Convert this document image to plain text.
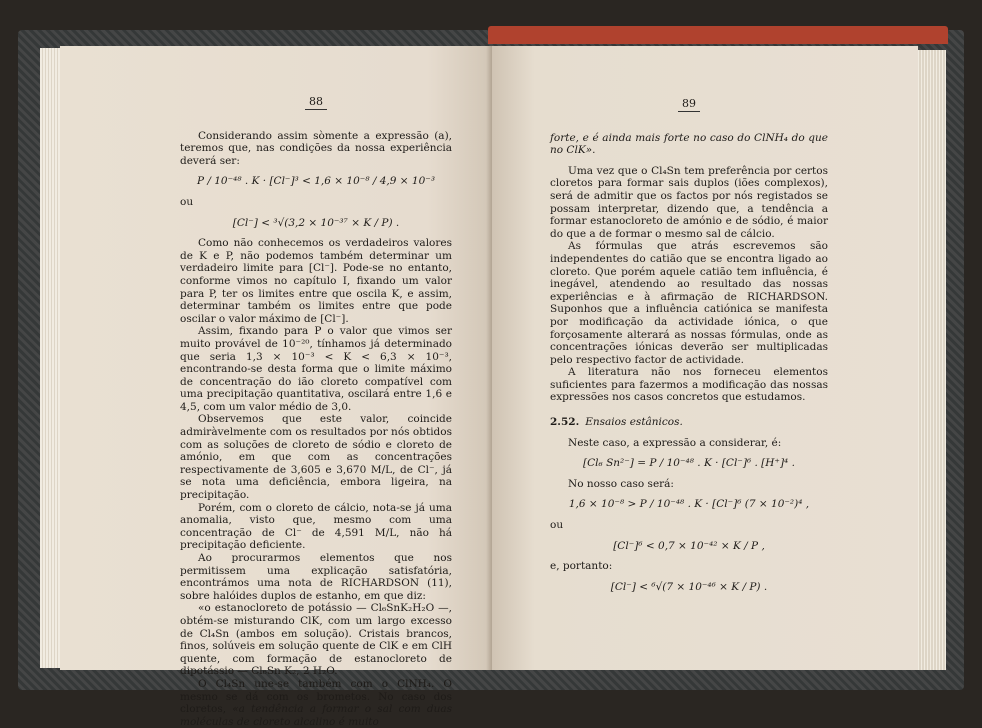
88

Considerando assim sòmente a expressão (a), teremos que, nas condições da nossa experiência deverá ser:

P / 10⁻⁴⁸ . K · [Cl⁻]³ < 1,6 × 10⁻⁸ / 4,9 × 10⁻³

ou

[Cl⁻] < ³√(3,2 × 10⁻³⁷ × K / P) .

Como não conhecemos os verdadeiros valores de K e P, não podemos também determinar um verdadeiro limite para [Cl⁻]. Pode-se no entanto, conforme vimos no capítulo I, fixando um valor para P, ter os limites entre que oscila K, e assim, determinar também os limites entre que pode oscilar o valor máximo de [Cl⁻].

Assim, fixando para P o valor que vimos ser muito provável de 10⁻²⁰, tínhamos já determinado que seria 1,3 × 10⁻³ < K < 6,3 × 10⁻³, encontrando-se desta forma que o limite máximo de concentração do ião cloreto compatível com uma precipitação quantitativa, oscilará entre 1,6 e 4,5, com um valor médio de 3,0.

Observemos que este valor, coincide admiràvelmente com os resultados por nós obtidos com as soluções de cloreto de sódio e cloreto de amónio, em que com as concentrações respectivamente de 3,605 e 3,670 M/L, de Cl⁻, já se nota uma deficiência, embora ligeira, na precipitação.

Porém, com o cloreto de cálcio, nota-se já uma anomalia, visto que, mesmo com uma concentração de Cl⁻ de 4,591 M/L, não há precipitação deficiente.

Ao procurarmos elementos que nos permitissem uma explicação satisfatória, encontrámos uma nota de RICHARDSON (11), sobre halóides duplos de estanho, em que diz:

«o estanocloreto de potássio — Cl₆SnK₂H₂O —, obtém-se misturando ClK, com um largo excesso de Cl₄Sn (ambos em solução). Cristais brancos, finos, solúveis em solução quente de ClK e em ClH quente, com formação de estanocloreto de dipotássio — Cl₆Sn K₂, 2 H₂O.

O Cl₄Sn une-se também com o ClNH₄. O mesmo se dá com os brometos. No caso dos cloretos, «a tendência a formar o sal com duas moléculas de cloreto alcalino é muito

89

forte, e é ainda mais forte no caso do ClNH₄ do que no ClK».

Uma vez que o Cl₄Sn tem preferência por certos cloretos para formar sais duplos (iões complexos), será de admitir que os factos por nós registados se possam interpretar, dizendo que, a tendência a formar estanocloreto de amónio e de sódio, é maior do que a de formar o mesmo sal de cálcio.

As fórmulas que atrás escrevemos são independentes do catião que se encontra ligado ao cloreto. Que porém aquele catião tem influência, é inegável, atendendo ao resultado das nossas experiências e à afirmação de RICHARDSON. Suponhos que a influência catiónica se manifesta por modificação da actividade iónica, o que forçosamente alterará as nossas fórmulas, onde as concentrações iónicas deverão ser multiplicadas pelo respectivo factor de actividade.

A literatura não nos forneceu elementos suficientes para fazermos a modificação das nossas expressões nos casos concretos que estudamos.

2.52. Ensaios estânicos.

Neste caso, a expressão a considerar, é:

[Cl₆ Sn²⁻] = P / 10⁻⁴⁸ . K · [Cl⁻]⁶ . [H⁺]⁴ .

No nosso caso será:

1,6 × 10⁻⁸ > P / 10⁻⁴⁸ . K · [Cl⁻]⁶ (7 × 10⁻²)⁴ ,

ou

[Cl⁻]⁶ < 0,7 × 10⁻⁴² × K / P ,

e, portanto:

[Cl⁻] < ⁶√(7 × 10⁻⁴⁶ × K / P) .
